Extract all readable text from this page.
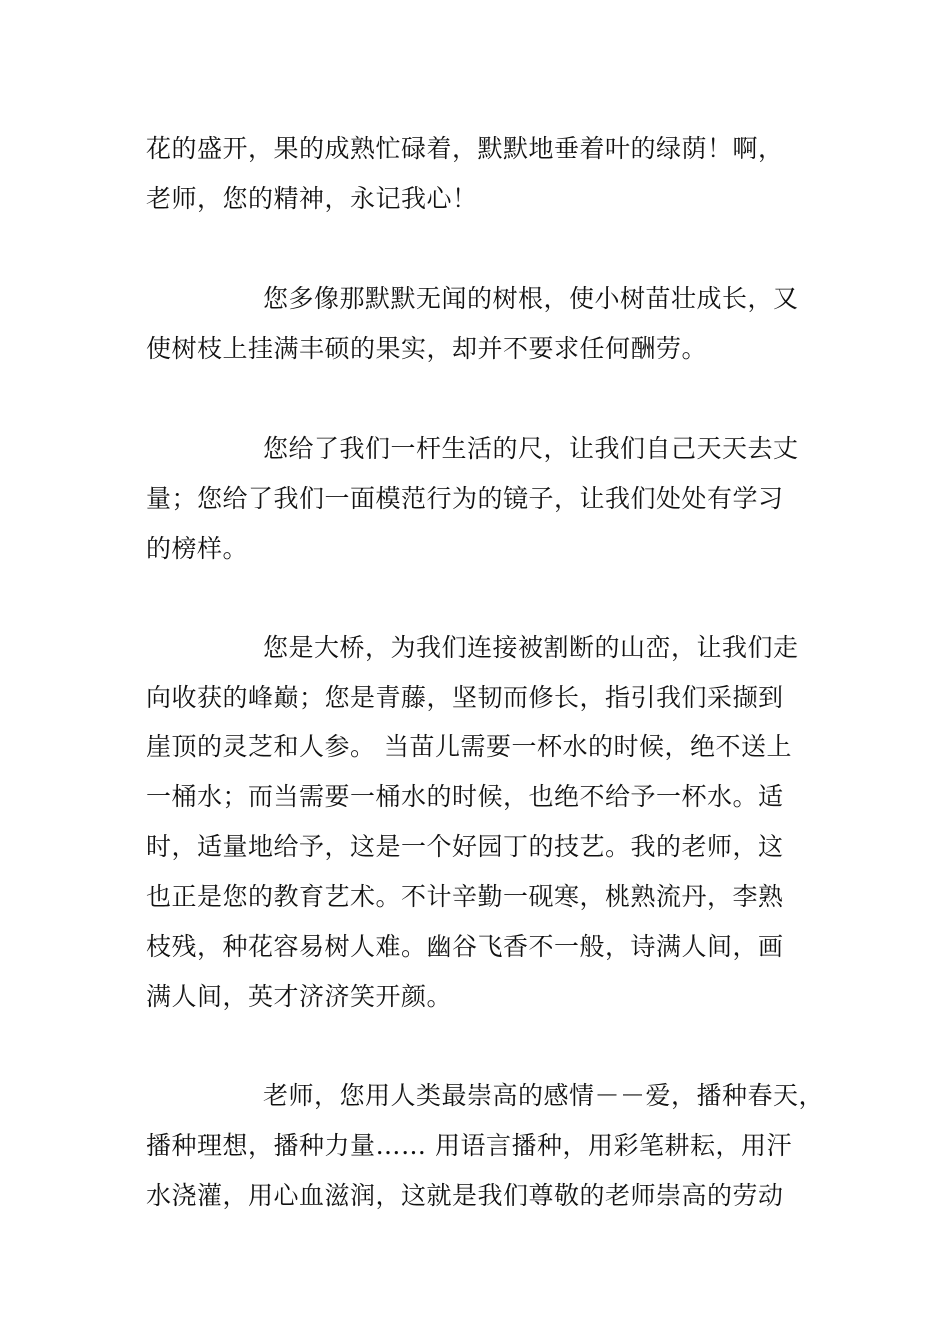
花的盛开，果的成熟忙碌着，默默地垂着叶的绿荫！啊，
老师，您的精神，永记我心！
您多像那默默无闻的树根，使小树苗壮成长，又
使树枝上挂满丰硕的果实，却并不要求任何酬劳。
您给了我们一杆生活的尺，让我们自己天天去丈
量；您给了我们一面模范行为的镜子，让我们处处有学习
的榜样。
您是大桥，为我们连接被割断的山峦，让我们走
向收获的峰巅；您是青藤，坚韧而修长，指引我们采撷到
崖顶的灵芝和人参。 当苗儿需要一杯水的时候，绝不送上
一桶水；而当需要一桶水的时候，也绝不给予一杯水。适
时，适量地给予，这是一个好园丁的技艺。我的老师，这
也正是您的教育艺术。不计辛勤一砚寒，桃熟流丹，李熟
枝残，种花容易树人难。幽谷飞香不一般，诗满人间，画
满人间，英才济济笑开颜。
老师，您用人类最崇高的感情－－爱，播种春天，
播种理想，播种力量…… 用语言播种，用彩笔耕耘，用汗
水浇灌，用心血滋润，这就是我们尊敬的老师崇高的劳动
